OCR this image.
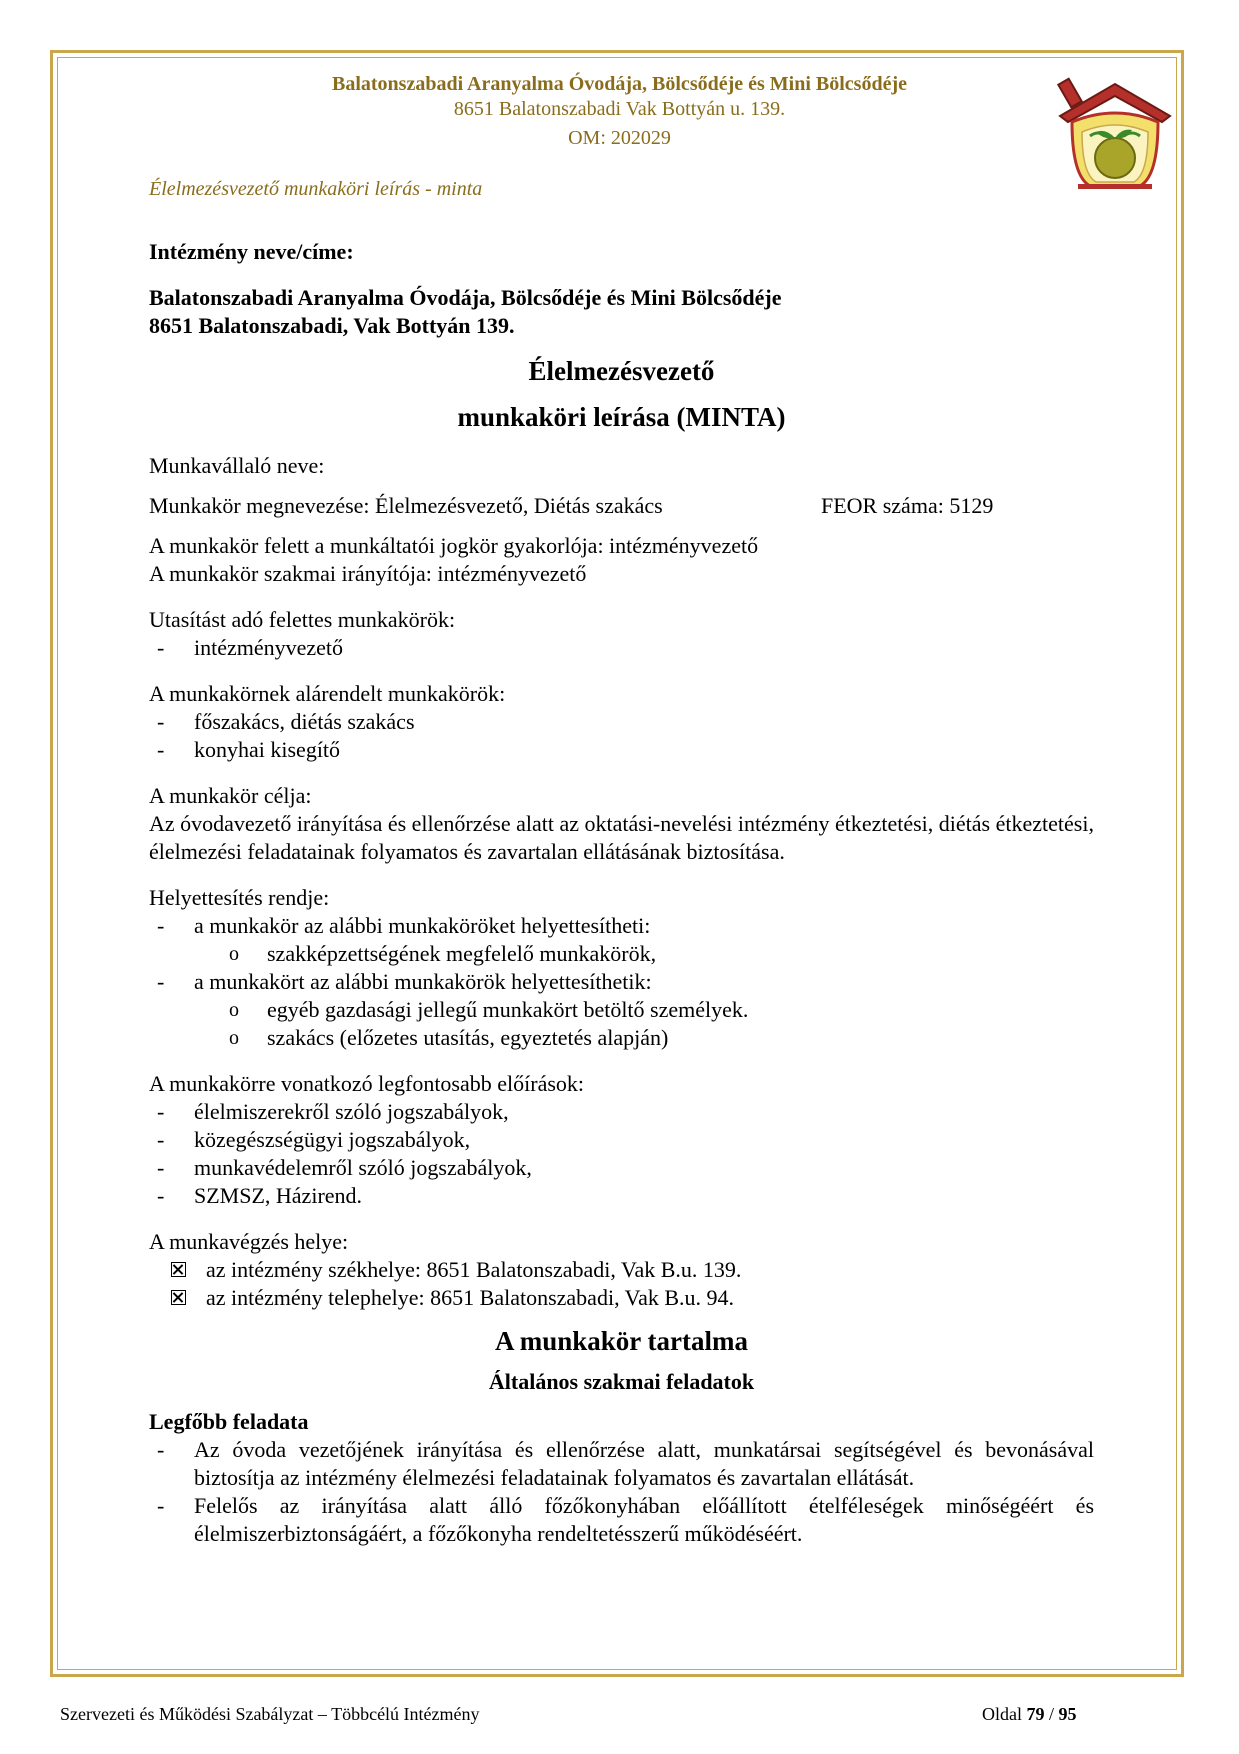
Balatonszabadi Aranyalma Óvodája, Bölcsődéje és Mini Bölcsődéje
8651 Balatonszabadi Vak Bottyán u. 139.
OM: 202029
Élelmezésvezető munkaköri leírás - minta

Intézmény neve/címe:

Balatonszabadi Aranyalma Óvodája, Bölcsődéje és Mini Bölcsődéje

8651 Balatonszabadi, Vak Bottyán 139.

Élelmezésvezető
munkaköri leírása (MINTA)

Munkavállaló neve:

Munkakör megnevezése: Élelmezésvezető, Diétás szakács	FEOR száma: 5129

A munkakör felett a munkáltatói jogkör gyakorlója: intézményvezető

A munkakör szakmai irányítója: intézményvezető

Utasítást adó felettes munkakörök:

- intézményvezető

A munkakörnek alárendelt munkakörök:

- főszakács, diétás szakács
- konyhai kisegítő

A munkakör célja:

Az óvodavezető irányítása és ellenőrzése alatt az oktatási-nevelési intézmény étkeztetési, diétás étkeztetési, élelmezési feladatainak folyamatos és zavartalan ellátásának biztosítása.

Helyettesítés rendje:

- a munkakör az alábbi munkaköröket helyettesítheti:
o szakképzettségének megfelelő munkakörök,
- a munkakört az alábbi munkakörök helyettesíthetik:
o egyéb gazdasági jellegű munkakört betöltő személyek.
o szakács (előzetes utasítás, egyeztetés alapján)

A munkakörre vonatkozó legfontosabb előírások:

- élelmiszerekről szóló jogszabályok,
- közegészségügyi jogszabályok,
- munkavédelemről szóló jogszabályok,
- SZMSZ, Házirend.

A munkavégzés helye:

az intézmény székhelye: 8651 Balatonszabadi, Vak B.u. 139.
az intézmény telephelye: 8651 Balatonszabadi, Vak B.u. 94.
A munkakör tartalma
Általános szakmai feladatok

Legfőbb feladata

- Az óvoda vezetőjének irányítása és ellenőrzése alatt, munkatársai segítségével és bevonásával biztosítja az intézmény élelmezési feladatainak folyamatos és zavartalan ellátását.
- Felelős az irányítása alatt álló főzőkonyhában előállított ételféleségek minőségéért és élelmiszerbiztonságáért, a főzőkonyha rendeltetésszerű működéséért.
Szervezeti és Működési Szabályzat – Többcélú Intézmény	Oldal 79 / 95
